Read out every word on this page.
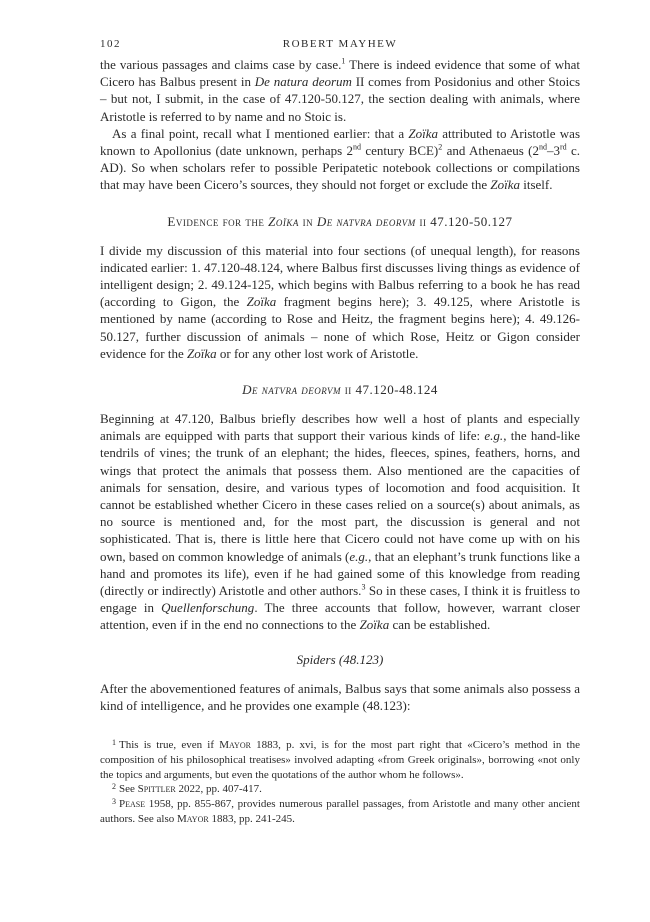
102	ROBERT MAYHEW

the various passages and claims case by case.$^1$ There is indeed evidence that some of what Cicero has Balbus present in De natura deorum II comes from Posidonius and other Stoics – but not, I submit, in the case of 47.120-50.127, the section dealing with animals, where Aristotle is referred to by name and no Stoic is.

As a final point, recall what I mentioned earlier: that a Zoïka attributed to Aristotle was known to Apollonius (date unknown, perhaps 2nd century BCE)$^2$ and Athenaeus (2nd–3rd c. AD). So when scholars refer to possible Peripatetic notebook collections or compilations that may have been Cicero’s sources, they should not forget or exclude the Zoïka itself.

Evidence for the Zoïka in De natvra deorvm ii 47.120-50.127

I divide my discussion of this material into four sections (of unequal length), for reasons indicated earlier: 1. 47.120-48.124, where Balbus first discusses living things as evidence of intelligent design; 2. 49.124-125, which begins with Balbus referring to a book he has read (according to Gigon, the Zoïka fragment begins here); 3. 49.125, where Aristotle is mentioned by name (according to Rose and Heitz, the fragment begins here); 4. 49.126-50.127, further discussion of animals – none of which Rose, Heitz or Gigon consider evidence for the Zoïka or for any other lost work of Aristotle.

De natvra deorvm ii 47.120-48.124

Beginning at 47.120, Balbus briefly describes how well a host of plants and especially animals are equipped with parts that support their various kinds of life: e.g., the hand-like tendrils of vines; the trunk of an elephant; the hides, fleeces, spines, feathers, horns, and wings that protect the animals that possess them. Also mentioned are the capacities of animals for sensation, desire, and various types of locomotion and food acquisition. It cannot be established whether Cicero in these cases relied on a source(s) about animals, as no source is mentioned and, for the most part, the discussion is general and not sophisticated. That is, there is little here that Cicero could not have come up with on his own, based on common knowledge of animals (e.g., that an elephant’s trunk functions like a hand and promotes its life), even if he had gained some of this knowledge from reading (directly or indirectly) Aristotle and other authors.$^3$ So in these cases, I think it is fruitless to engage in Quellenforschung. The three accounts that follow, however, warrant closer attention, even if in the end no connections to the Zoïka can be established.

Spiders (48.123)

After the abovementioned features of animals, Balbus says that some animals also possess a kind of intelligence, and he provides one example (48.123):

$^1$ This is true, even if Mayor 1883, p. xvi, is for the most part right that «Cicero’s method in the composition of his philosophical treatises» involved adapting «from Greek originals», borrowing «not only the topics and arguments, but even the quotations of the author whom he follows».

$^2$ See Spittler 2022, pp. 407-417.

$^3$ Pease 1958, pp. 855-867, provides numerous parallel passages, from Aristotle and many other ancient authors. See also Mayor 1883, pp. 241-245.
